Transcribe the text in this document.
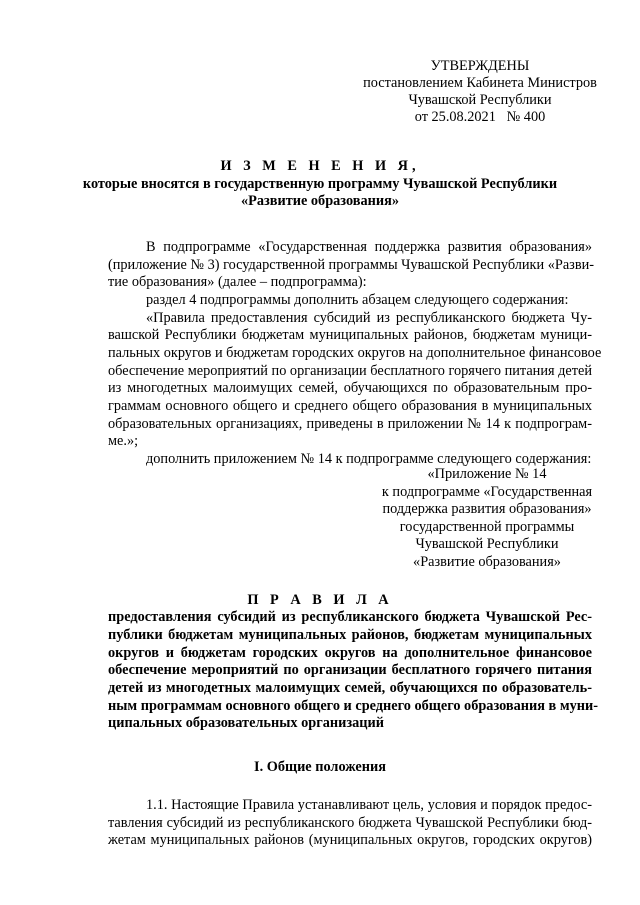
УТВЕРЖДЕНЫ
постановлением Кабинета Министров
Чувашской Республики
от 25.08.2021   № 400
И З М Е Н Е Н И Я,
которые вносятся в государственную программу Чувашской Республики
«Развитие образования»
В подпрограмме «Государственная поддержка развития образования»
(приложение № 3) государственной программы Чувашской Республики «Разви-
тие образования» (далее – подпрограмма):
раздел 4 подпрограммы дополнить абзацем следующего содержания:
«Правила предоставления субсидий из республиканского бюджета Чу-
вашской Республики бюджетам муниципальных районов, бюджетам муници-
пальных округов и бюджетам городских округов на дополнительное финансовое
обеспечение мероприятий по организации бесплатного горячего питания детей
из многодетных малоимущих семей, обучающихся по образовательным про-
граммам основного общего и среднего общего образования в муниципальных
образовательных организациях, приведены в приложении № 14 к подпрограм-
ме.»;
дополнить приложением № 14 к подпрограмме следующего содержания:
«Приложение № 14
к подпрограмме «Государственная
поддержка развития образования»
государственной программы
Чувашской Республики
«Развитие образования»
П Р А В И Л А
предоставления субсидий из республиканского бюджета Чувашской Рес-
публики бюджетам муниципальных районов, бюджетам муниципальных
округов и бюджетам городских округов на дополнительное финансовое
обеспечение мероприятий по организации бесплатного горячего питания
детей из многодетных малоимущих семей, обучающихся по образователь-
ным программам основного общего и среднего общего образования в муни-
ципальных образовательных организаций
I. Общие положения
1.1. Настоящие Правила устанавливают цель, условия и порядок предос-
тавления субсидий из республиканского бюджета Чувашской Республики бюд-
жетам муниципальных районов (муниципальных округов, городских округов)
